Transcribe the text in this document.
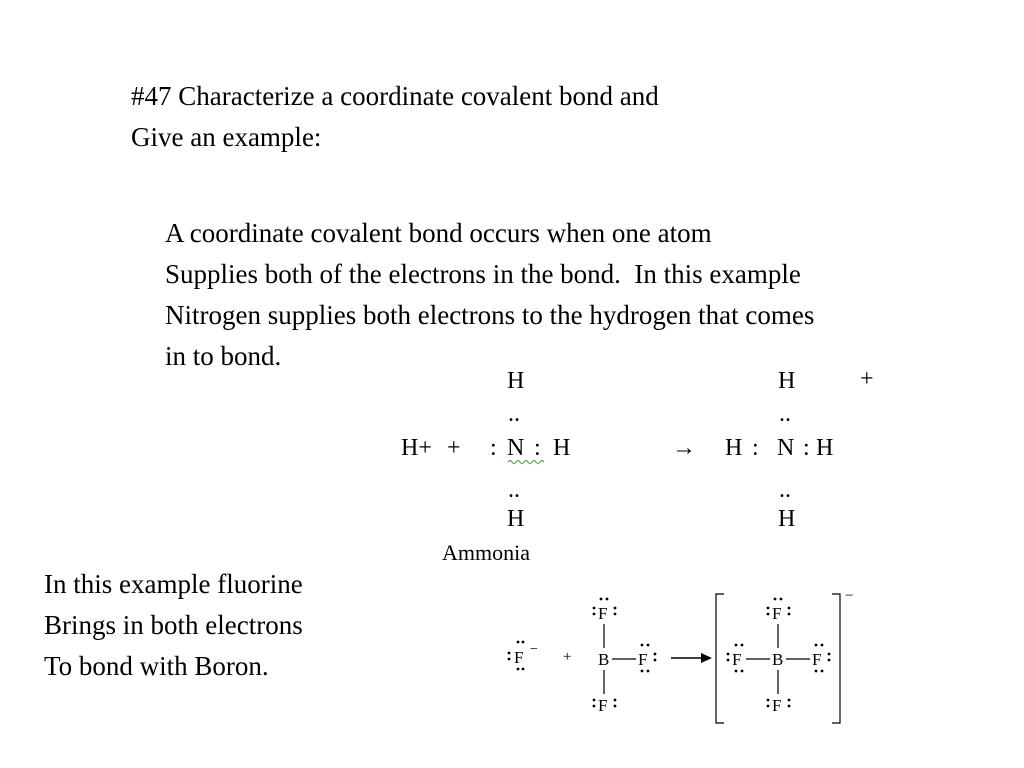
#47 Characterize a coordinate covalent bond and
Give an example:
A coordinate covalent bond occurs when one atom
Supplies both of the electrons in the bond.  In this example
Nitrogen supplies both electrons to the hydrogen that comes
in to bond.
In this example fluorine
Brings in both electrons
To bond with Boron.
H
..
H+ + : N : H
..
H
Ammonia
→
H	+
..
H : N : H
..
H
F − +
F
B F
F
−
F
F B F
F
